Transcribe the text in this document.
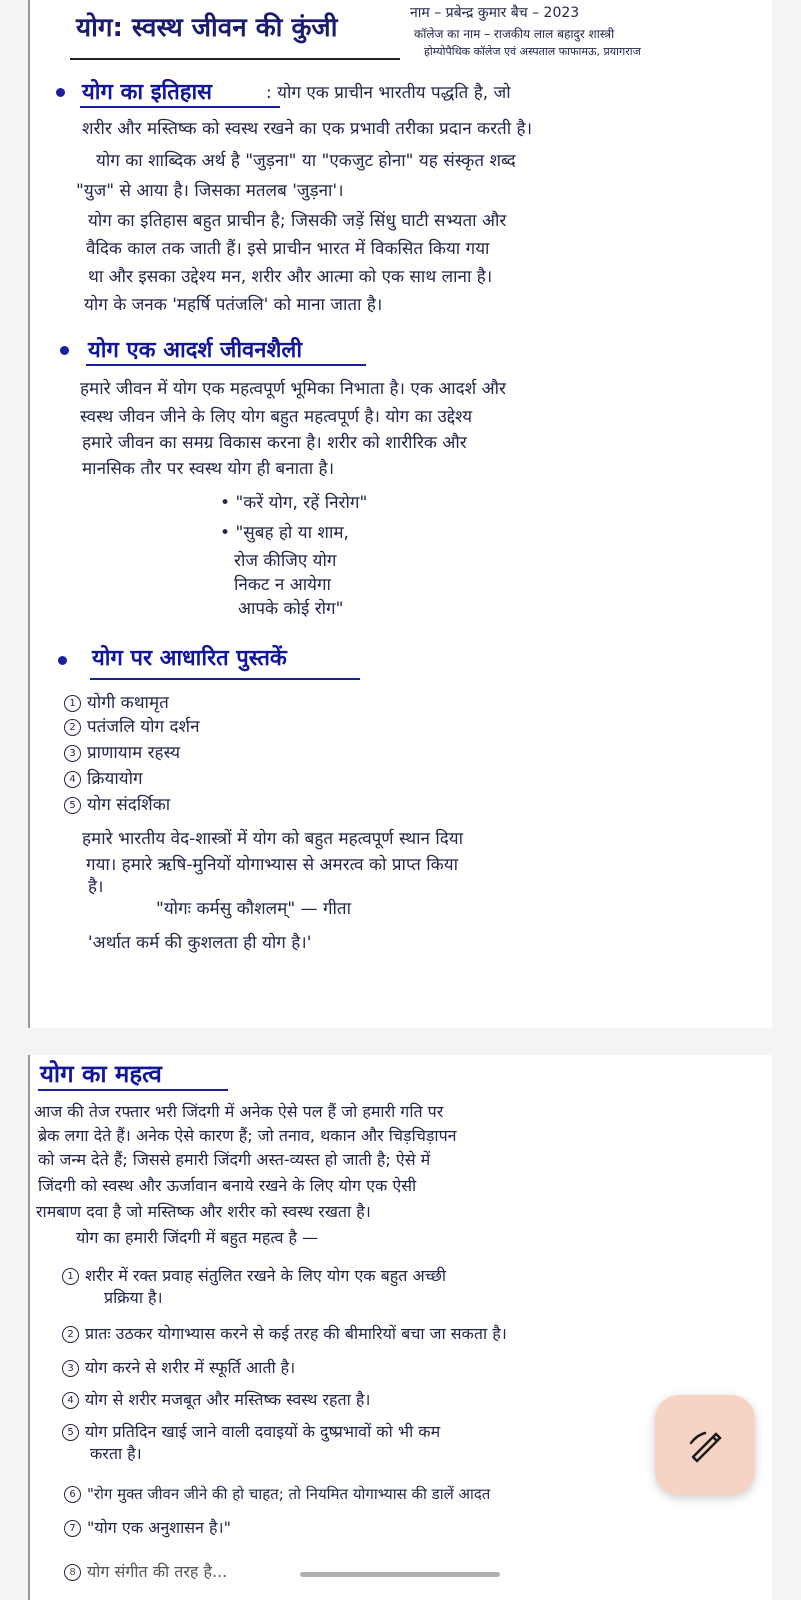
योग: स्वस्थ जीवन की कुंजी	नाम – प्रबेन्द्र कुमार बैच – 2023
कॉलेज का नाम – राजकीय लाल बहादुर शास्त्री
होम्योपैथिक कॉलेज एवं अस्पताल फाफामऊ, प्रयागराज
योग का इतिहास	: योग एक प्राचीन भारतीय पद्धति है, जो
शरीर और मस्तिष्क को स्वस्थ रखने का एक प्रभावी तरीका प्रदान करती है।
योग का शाब्दिक अर्थ है "जुड़ना" या "एकजुट होना" यह संस्कृत शब्द
"युज" से आया है। जिसका मतलब 'जुड़ना'।
योग का इतिहास बहुत प्राचीन है; जिसकी जड़ें सिंधु घाटी सभ्यता और
वैदिक काल तक जाती हैं। इसे प्राचीन भारत में विकसित किया गया
था और इसका उद्देश्य मन, शरीर और आत्मा को एक साथ लाना है।
योग के जनक 'महर्षि पतंजलि' को माना जाता है।
योग एक आदर्श जीवनशैली
हमारे जीवन में योग एक महत्वपूर्ण भूमिका निभाता है। एक आदर्श और
स्वस्थ जीवन जीने के लिए योग बहुत महत्वपूर्ण है। योग का उद्देश्य
हमारे जीवन का समग्र विकास करना है। शरीर को शारीरिक और
मानसिक तौर पर स्वस्थ योग ही बनाता है।
• "करें योग, रहें निरोग"
• "सुबह हो या शाम,
रोज कीजिए योग
निकट न आयेगा
आपके कोई रोग"
योग पर आधारित पुस्तकें
1 योगी कथामृत
2 पतंजलि योग दर्शन
3 प्राणायाम रहस्य
4 क्रियायोग
5 योग संदर्शिका
हमारे भारतीय वेद-शास्त्रों में योग को बहुत महत्वपूर्ण स्थान दिया
गया। हमारे ऋषि-मुनियों योगाभ्यास से अमरत्व को प्राप्त किया
है।
"योगः कर्मसु कौशलम्" — गीता
'अर्थात कर्म की कुशलता ही योग है।'
योग का महत्व
आज की तेज रफ्तार भरी जिंदगी में अनेक ऐसे पल हैं जो हमारी गति पर
ब्रेक लगा देते हैं। अनेक ऐसे कारण हैं; जो तनाव, थकान और चिड़चिड़ापन
को जन्म देते हैं; जिससे हमारी जिंदगी अस्त-व्यस्त हो जाती है; ऐसे में
जिंदगी को स्वस्थ और ऊर्जावान बनाये रखने के लिए योग एक ऐसी
रामबाण दवा है जो मस्तिष्क और शरीर को स्वस्थ रखता है।
योग का हमारी जिंदगी में बहुत महत्व है —
1 शरीर में रक्त प्रवाह संतुलित रखने के लिए योग एक बहुत अच्छी
प्रक्रिया है।
2 प्रातः उठकर योगाभ्यास करने से कई तरह की बीमारियों बचा जा सकता है।
3 योग करने से शरीर में स्फूर्ति आती है।
4 योग से शरीर मजबूत और मस्तिष्क स्वस्थ रहता है।
5 योग प्रतिदिन खाई जाने वाली दवाइयों के दुष्प्रभावों को भी कम
करता है।
6 "रोग मुक्त जीवन जीने की हो चाहत; तो नियमित योगाभ्यास की डालें आदत
7 "योग एक अनुशासन है।"
8 योग संगीत की तरह है...
